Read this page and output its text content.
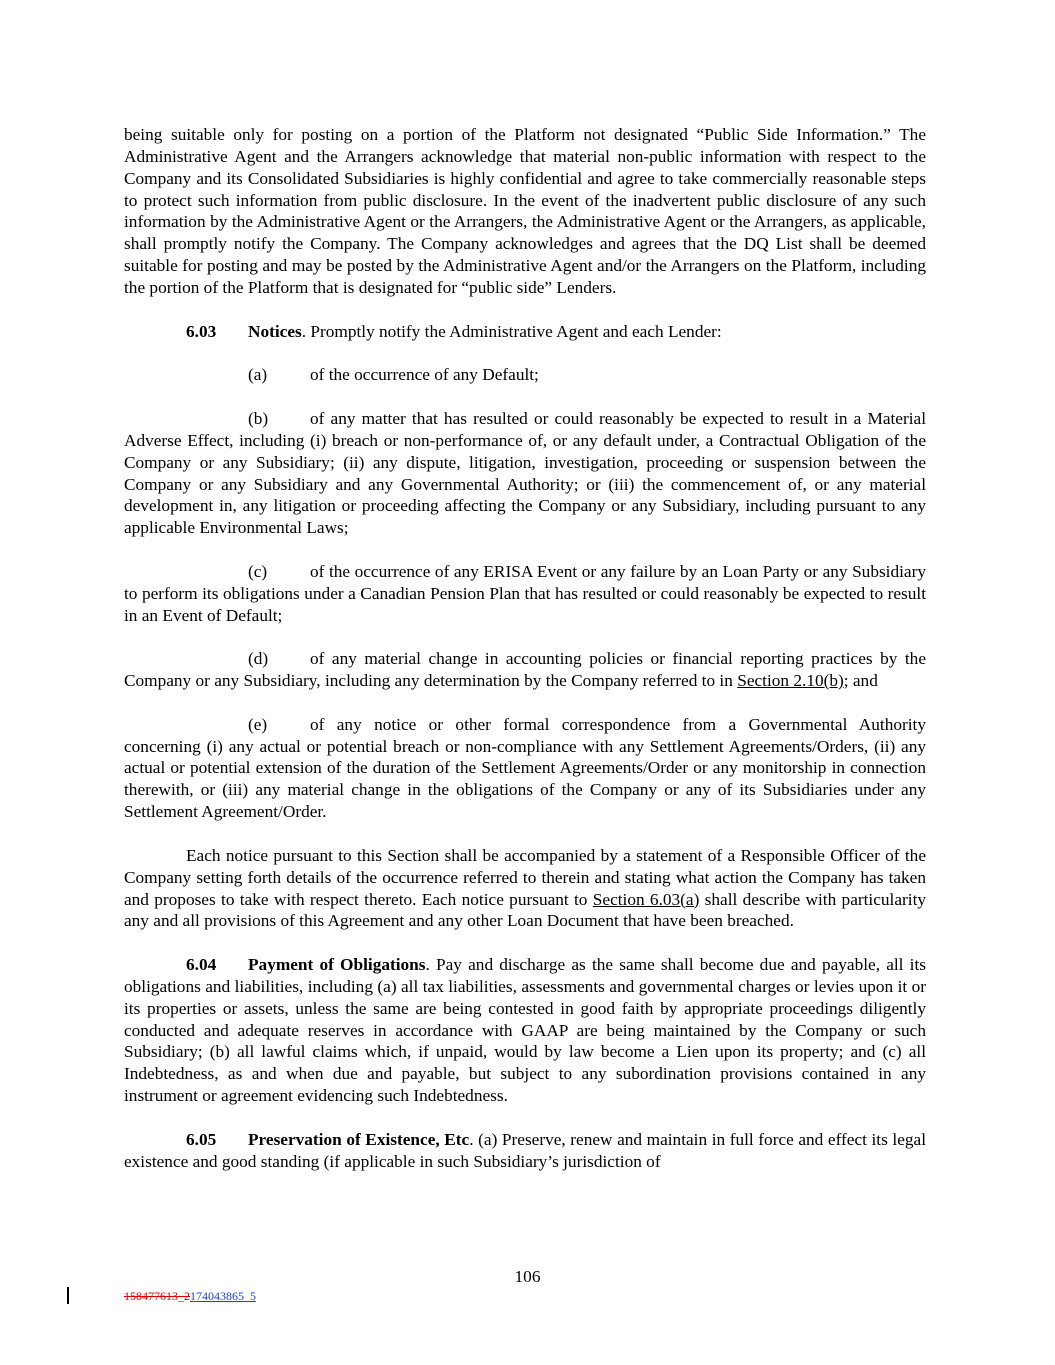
being suitable only for posting on a portion of the Platform not designated “Public Side Information.” The Administrative Agent and the Arrangers acknowledge that material non-public information with respect to the Company and its Consolidated Subsidiaries is highly confidential and agree to take commercially reasonable steps to protect such information from public disclosure. In the event of the inadvertent public disclosure of any such information by the Administrative Agent or the Arrangers, the Administrative Agent or the Arrangers, as applicable, shall promptly notify the Company. The Company acknowledges and agrees that the DQ List shall be deemed suitable for posting and may be posted by the Administrative Agent and/or the Arrangers on the Platform, including the portion of the Platform that is designated for “public side” Lenders.

6.03 Notices. Promptly notify the Administrative Agent and each Lender:

(a) of the occurrence of any Default;

(b) of any matter that has resulted or could reasonably be expected to result in a Material Adverse Effect, including (i) breach or non-performance of, or any default under, a Contractual Obligation of the Company or any Subsidiary; (ii) any dispute, litigation, investigation, proceeding or suspension between the Company or any Subsidiary and any Governmental Authority; or (iii) the commencement of, or any material development in, any litigation or proceeding affecting the Company or any Subsidiary, including pursuant to any applicable Environmental Laws;

(c) of the occurrence of any ERISA Event or any failure by an Loan Party or any Subsidiary to perform its obligations under a Canadian Pension Plan that has resulted or could reasonably be expected to result in an Event of Default;

(d) of any material change in accounting policies or financial reporting practices by the Company or any Subsidiary, including any determination by the Company referred to in Section 2.10(b); and

(e) of any notice or other formal correspondence from a Governmental Authority concerning (i) any actual or potential breach or non-compliance with any Settlement Agreements/Orders, (ii) any actual or potential extension of the duration of the Settlement Agreements/Order or any monitorship in connection therewith, or (iii) any material change in the obligations of the Company or any of its Subsidiaries under any Settlement Agreement/Order.

Each notice pursuant to this Section shall be accompanied by a statement of a Responsible Officer of the Company setting forth details of the occurrence referred to therein and stating what action the Company has taken and proposes to take with respect thereto. Each notice pursuant to Section 6.03(a) shall describe with particularity any and all provisions of this Agreement and any other Loan Document that have been breached.

6.04 Payment of Obligations. Pay and discharge as the same shall become due and payable, all its obligations and liabilities, including (a) all tax liabilities, assessments and governmental charges or levies upon it or its properties or assets, unless the same are being contested in good faith by appropriate proceedings diligently conducted and adequate reserves in accordance with GAAP are being maintained by the Company or such Subsidiary; (b) all lawful claims which, if unpaid, would by law become a Lien upon its property; and (c) all Indebtedness, as and when due and payable, but subject to any subordination provisions contained in any instrument or agreement evidencing such Indebtedness.

6.05 Preservation of Existence, Etc. (a) Preserve, renew and maintain in full force and effect its legal existence and good standing (if applicable in such Subsidiary’s jurisdiction of

106
158477613_2174043865_5
